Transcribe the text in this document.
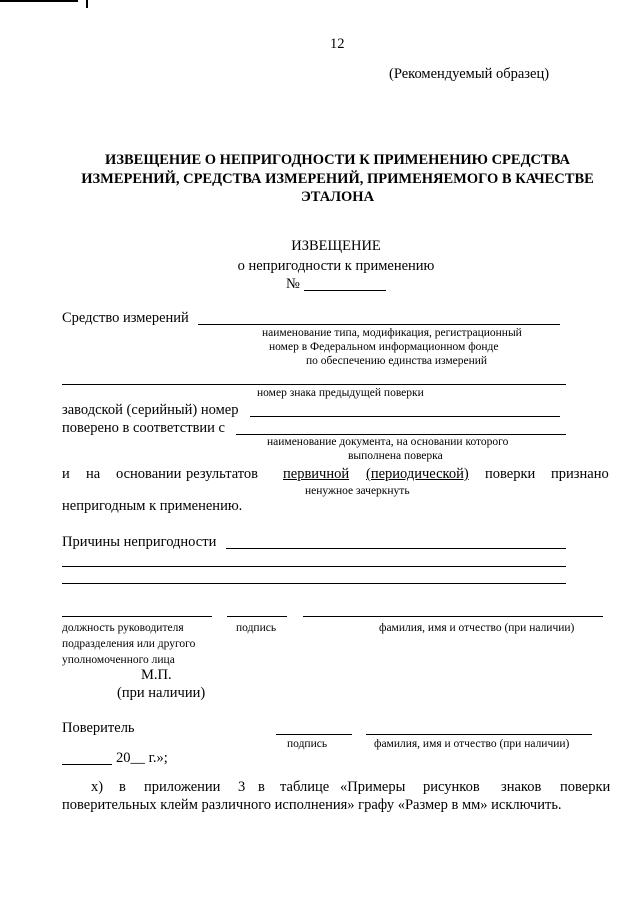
12
(Рекомендуемый образец)
ИЗВЕЩЕНИЕ О НЕПРИГОДНОСТИ К ПРИМЕНЕНИЮ СРЕДСТВА
ИЗМЕРЕНИЙ, СРЕДСТВА ИЗМЕРЕНИЙ, ПРИМЕНЯЕМОГО В КАЧЕСТВЕ
ЭТАЛОНА
ИЗВЕЩЕНИЕ
о непригодности к применению
№
Средство измерений
наименование типа, модификация, регистрационный
номер в Федеральном информационном фонде
по обеспечению единства измерений
номер знака предыдущей поверки
заводской (серийный) номер
поверено в соответствии с
наименование документа, на основании которого
выполнена поверка
и на основании результатов первичной (периодической) поверки признано
ненужное зачеркнуть
непригодным к применению.
Причины непригодности
должность руководителя	подпись	фамилия, имя и отчество (при наличии)
подразделения или другого
уполномоченного лица
М.П.
(при наличии)
Поверитель
подпись	фамилия, имя и отчество (при наличии)
20__ г.»;
х) в приложении 3 в таблице «Примеры рисунков знаков поверки
поверительных клейм различного исполнения» графу «Размер в мм» исключить.
